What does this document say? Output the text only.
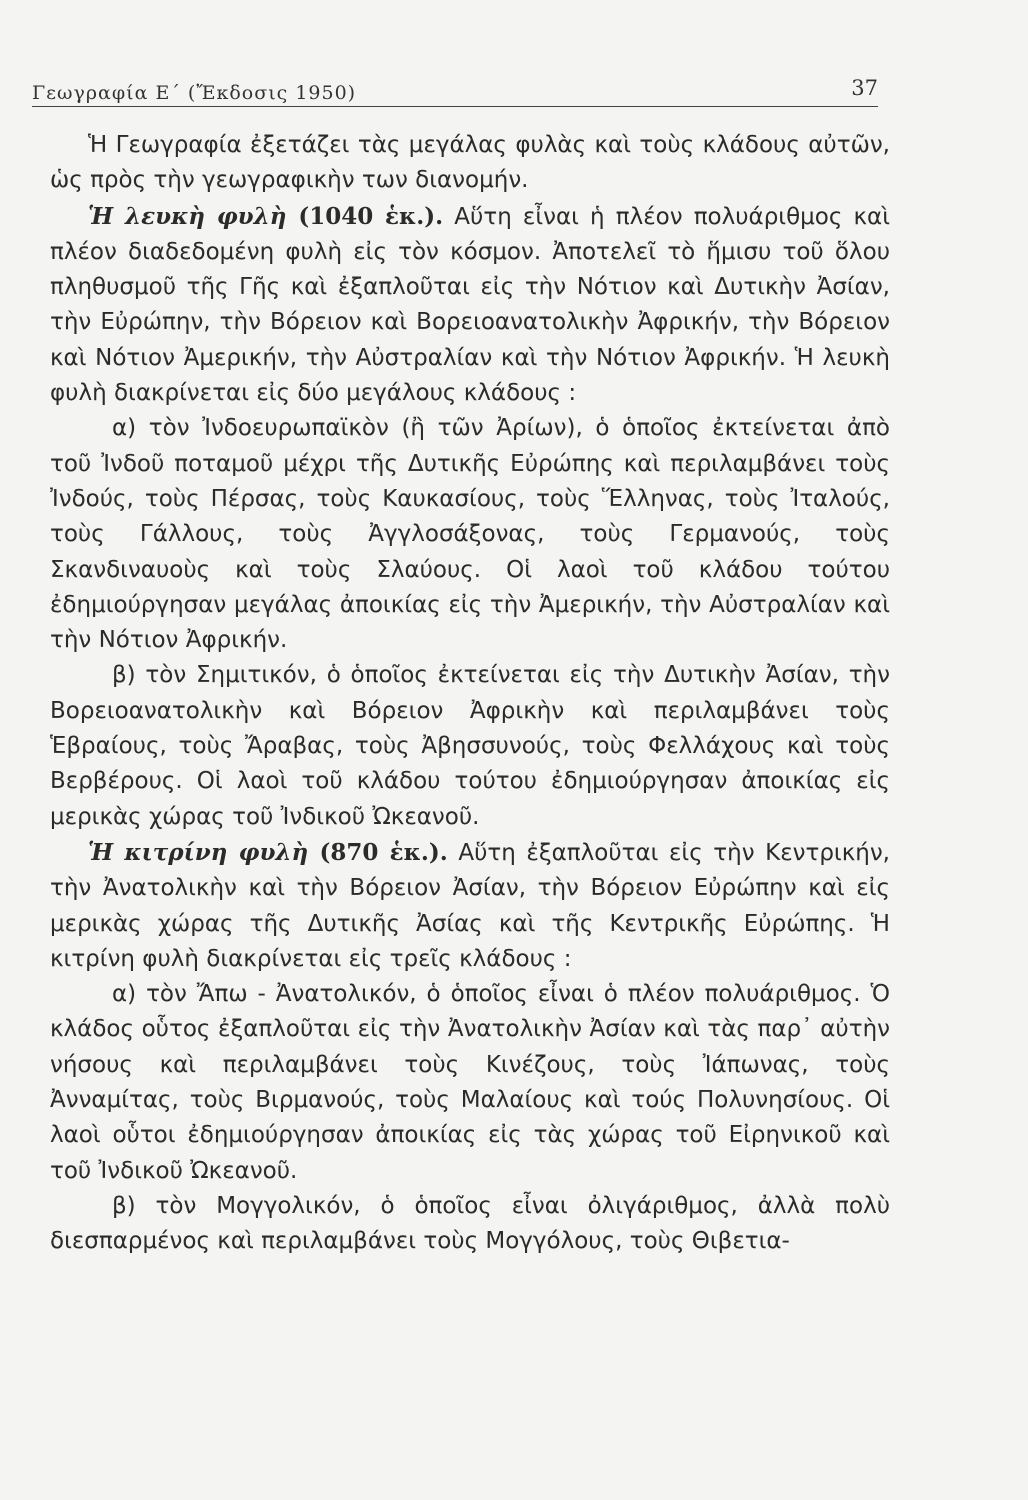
Γεωγραφία Ε΄ (Ἔκδοσις 1950)	37

Ἡ Γεωγραφία ἐξετάζει τὰς μεγάλας φυλὰς καὶ τοὺς κλάδους αὐτῶν, ὡς πρὸς τὴν γεωγραφικὴν των διανομήν.

Ἡ λευκὴ φυλὴ (1040 ἑκ.). Αὕτη εἶναι ἡ πλέον πολυάριθμος καὶ πλέον διαδεδομένη φυλὴ εἰς τὸν κόσμον. Ἀποτελεῖ τὸ ἥμισυ τοῦ ὅλου πληθυσμοῦ τῆς Γῆς καὶ ἐξαπλοῦται εἰς τὴν Νότιον καὶ Δυτικὴν Ἀσίαν, τὴν Εὐρώπην, τὴν Βόρειον καὶ Βορειοανατολικὴν Ἀφρικήν, τὴν Βόρειον καὶ Νότιον Ἀμερικήν, τὴν Αὐστραλίαν καὶ τὴν Νότιον Ἀφρικήν. Ἡ λευκὴ φυλὴ διακρίνεται εἰς δύο μεγάλους κλάδους :

α) τὸν Ἰνδοευρωπαϊκὸν (ἢ τῶν Ἀρίων), ὁ ὁποῖος ἐκτείνεται ἀπὸ τοῦ Ἰνδοῦ ποταμοῦ μέχρι τῆς Δυτικῆς Εὐρώπης καὶ περιλαμβάνει τοὺς Ἰνδούς, τοὺς Πέρσας, τοὺς Καυκασίους, τοὺς Ἕλληνας, τοὺς Ἰταλούς, τοὺς Γάλλους, τοὺς Ἀγγλοσάξονας, τοὺς Γερμανούς, τοὺς Σκανδιναυοὺς καὶ τοὺς Σλαύους. Οἱ λαοὶ τοῦ κλάδου τούτου ἐδημιούργησαν μεγάλας ἀποικίας εἰς τὴν Ἀμερικήν, τὴν Αὐστραλίαν καὶ τὴν Νότιον Ἀφρικήν.

β) τὸν Σημιτικόν, ὁ ὁποῖος ἐκτείνεται εἰς τὴν Δυτικὴν Ἀσίαν, τὴν Βορειοανατολικὴν καὶ Βόρειον Ἀφρικὴν καὶ περιλαμβάνει τοὺς Ἑβραίους, τοὺς Ἄραβας, τοὺς Ἀβησσυνούς, τοὺς Φελλάχους καὶ τοὺς Βερβέρους. Οἱ λαοὶ τοῦ κλάδου τούτου ἐδημιούργησαν ἀποικίας εἰς μερικὰς χώρας τοῦ Ἰνδικοῦ Ὠκεανοῦ.

Ἡ κιτρίνη φυλὴ (870 ἑκ.). Αὕτη ἐξαπλοῦται εἰς τὴν Κεντρικήν, τὴν Ἀνατολικὴν καὶ τὴν Βόρειον Ἀσίαν, τὴν Βόρειον Εὐρώπην καὶ εἰς μερικὰς χώρας τῆς Δυτικῆς Ἀσίας καὶ τῆς Κεντρικῆς Εὐρώπης. Ἡ κιτρίνη φυλὴ διακρίνεται εἰς τρεῖς κλάδους :

α) τὸν Ἄπω - Ἀνατολικόν, ὁ ὁποῖος εἶναι ὁ πλέον πολυάριθμος. Ὁ κλάδος οὗτος ἐξαπλοῦται εἰς τὴν Ἀνατολικὴν Ἀσίαν καὶ τὰς παρ᾽ αὐτὴν νήσους καὶ περιλαμβάνει τοὺς Κινέζους, τοὺς Ἰάπωνας, τοὺς Ἀνναμίτας, τοὺς Βιρμανούς, τοὺς Μαλαίους καὶ τούς Πολυνησίους. Οἱ λαοὶ οὗτοι ἐδημιούργησαν ἀποικίας εἰς τὰς χώρας τοῦ Εἰρηνικοῦ καὶ τοῦ Ἰνδικοῦ Ὠκεανοῦ.

β) τὸν Μογγολικόν, ὁ ὁποῖος εἶναι ὀλιγάριθμος, ἀλλὰ πολὺ διεσπαρμένος καὶ περιλαμβάνει τοὺς Μογγόλους, τοὺς Θιβετια-
